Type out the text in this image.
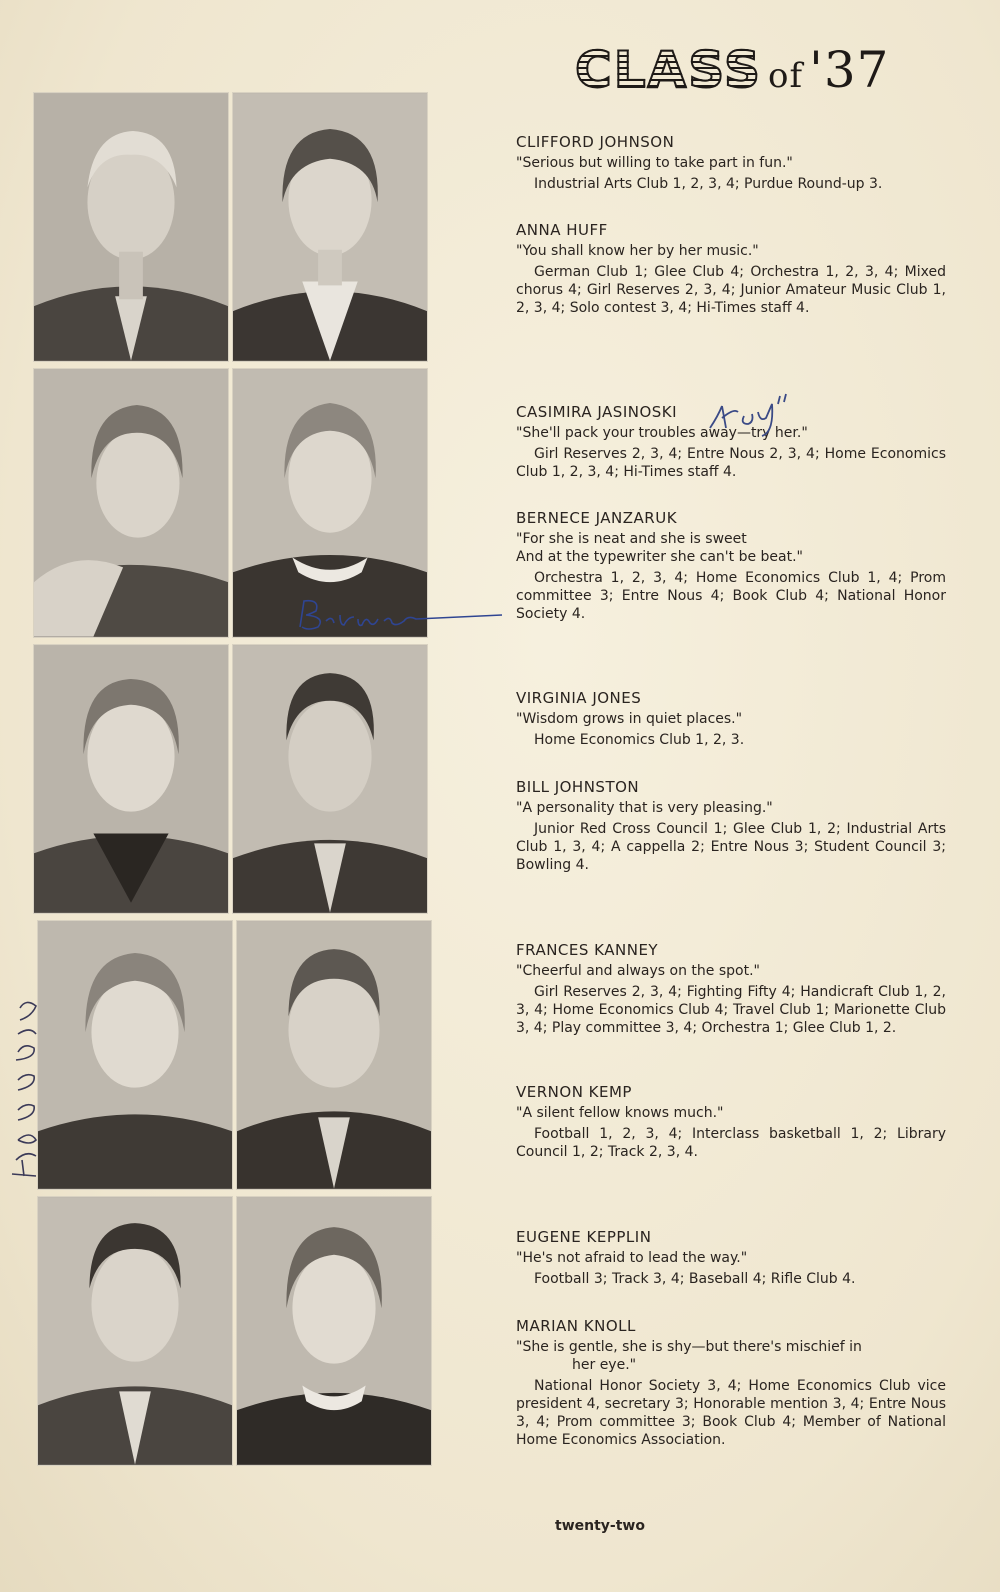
CLASS of '37
CLIFFORD JOHNSON
"Serious but willing to take part in fun."
Industrial Arts Club 1, 2, 3, 4; Purdue Round-up 3.
ANNA HUFF
"You shall know her by her music."
German Club 1; Glee Club 4; Orchestra 1, 2, 3, 4; Mixed chorus 4; Girl Reserves 2, 3, 4; Junior Amateur Music Club 1, 2, 3, 4; Solo contest 3, 4; Hi-Times staff 4.
CASIMIRA JASINOSKI
"She'll pack your troubles away—try her."
Girl Reserves 2, 3, 4; Entre Nous 2, 3, 4; Home Economics Club 1, 2, 3, 4; Hi-Times staff 4.
BERNECE JANZARUK
"For she is neat and she is sweet
And at the typewriter she can't be beat."
Orchestra 1, 2, 3, 4; Home Economics Club 1, 4; Prom committee 3; Entre Nous 4; Book Club 4; National Honor Society 4.
VIRGINIA JONES
"Wisdom grows in quiet places."
Home Economics Club 1, 2, 3.
BILL JOHNSTON
"A personality that is very pleasing."
Junior Red Cross Council 1; Glee Club 1, 2; Industrial Arts Club 1, 3, 4; A cappella 2; Entre Nous 3; Student Council 3; Bowling 4.
FRANCES KANNEY
"Cheerful and always on the spot."
Girl Reserves 2, 3, 4; Fighting Fifty 4; Handicraft Club 1, 2, 3, 4; Home Economics Club 4; Travel Club 1; Marionette Club 3, 4; Play committee 3, 4; Orchestra 1; Glee Club 1, 2.
VERNON KEMP
"A silent fellow knows much."
Football 1, 2, 3, 4; Interclass basketball 1, 2; Library Council 1, 2; Track 2, 3, 4.
EUGENE KEPPLIN
"He's not afraid to lead the way."
Football 3; Track 3, 4; Baseball 4; Rifle Club 4.
MARIAN KNOLL
"She is gentle, she is shy—but there's mischief in
her eye."
National Honor Society 3, 4; Home Economics Club vice president 4, secretary 3; Honorable mention 3, 4; Entre Nous 3, 4; Prom committee 3; Book Club 4; Member of National Home Economics Association.
twenty-two
